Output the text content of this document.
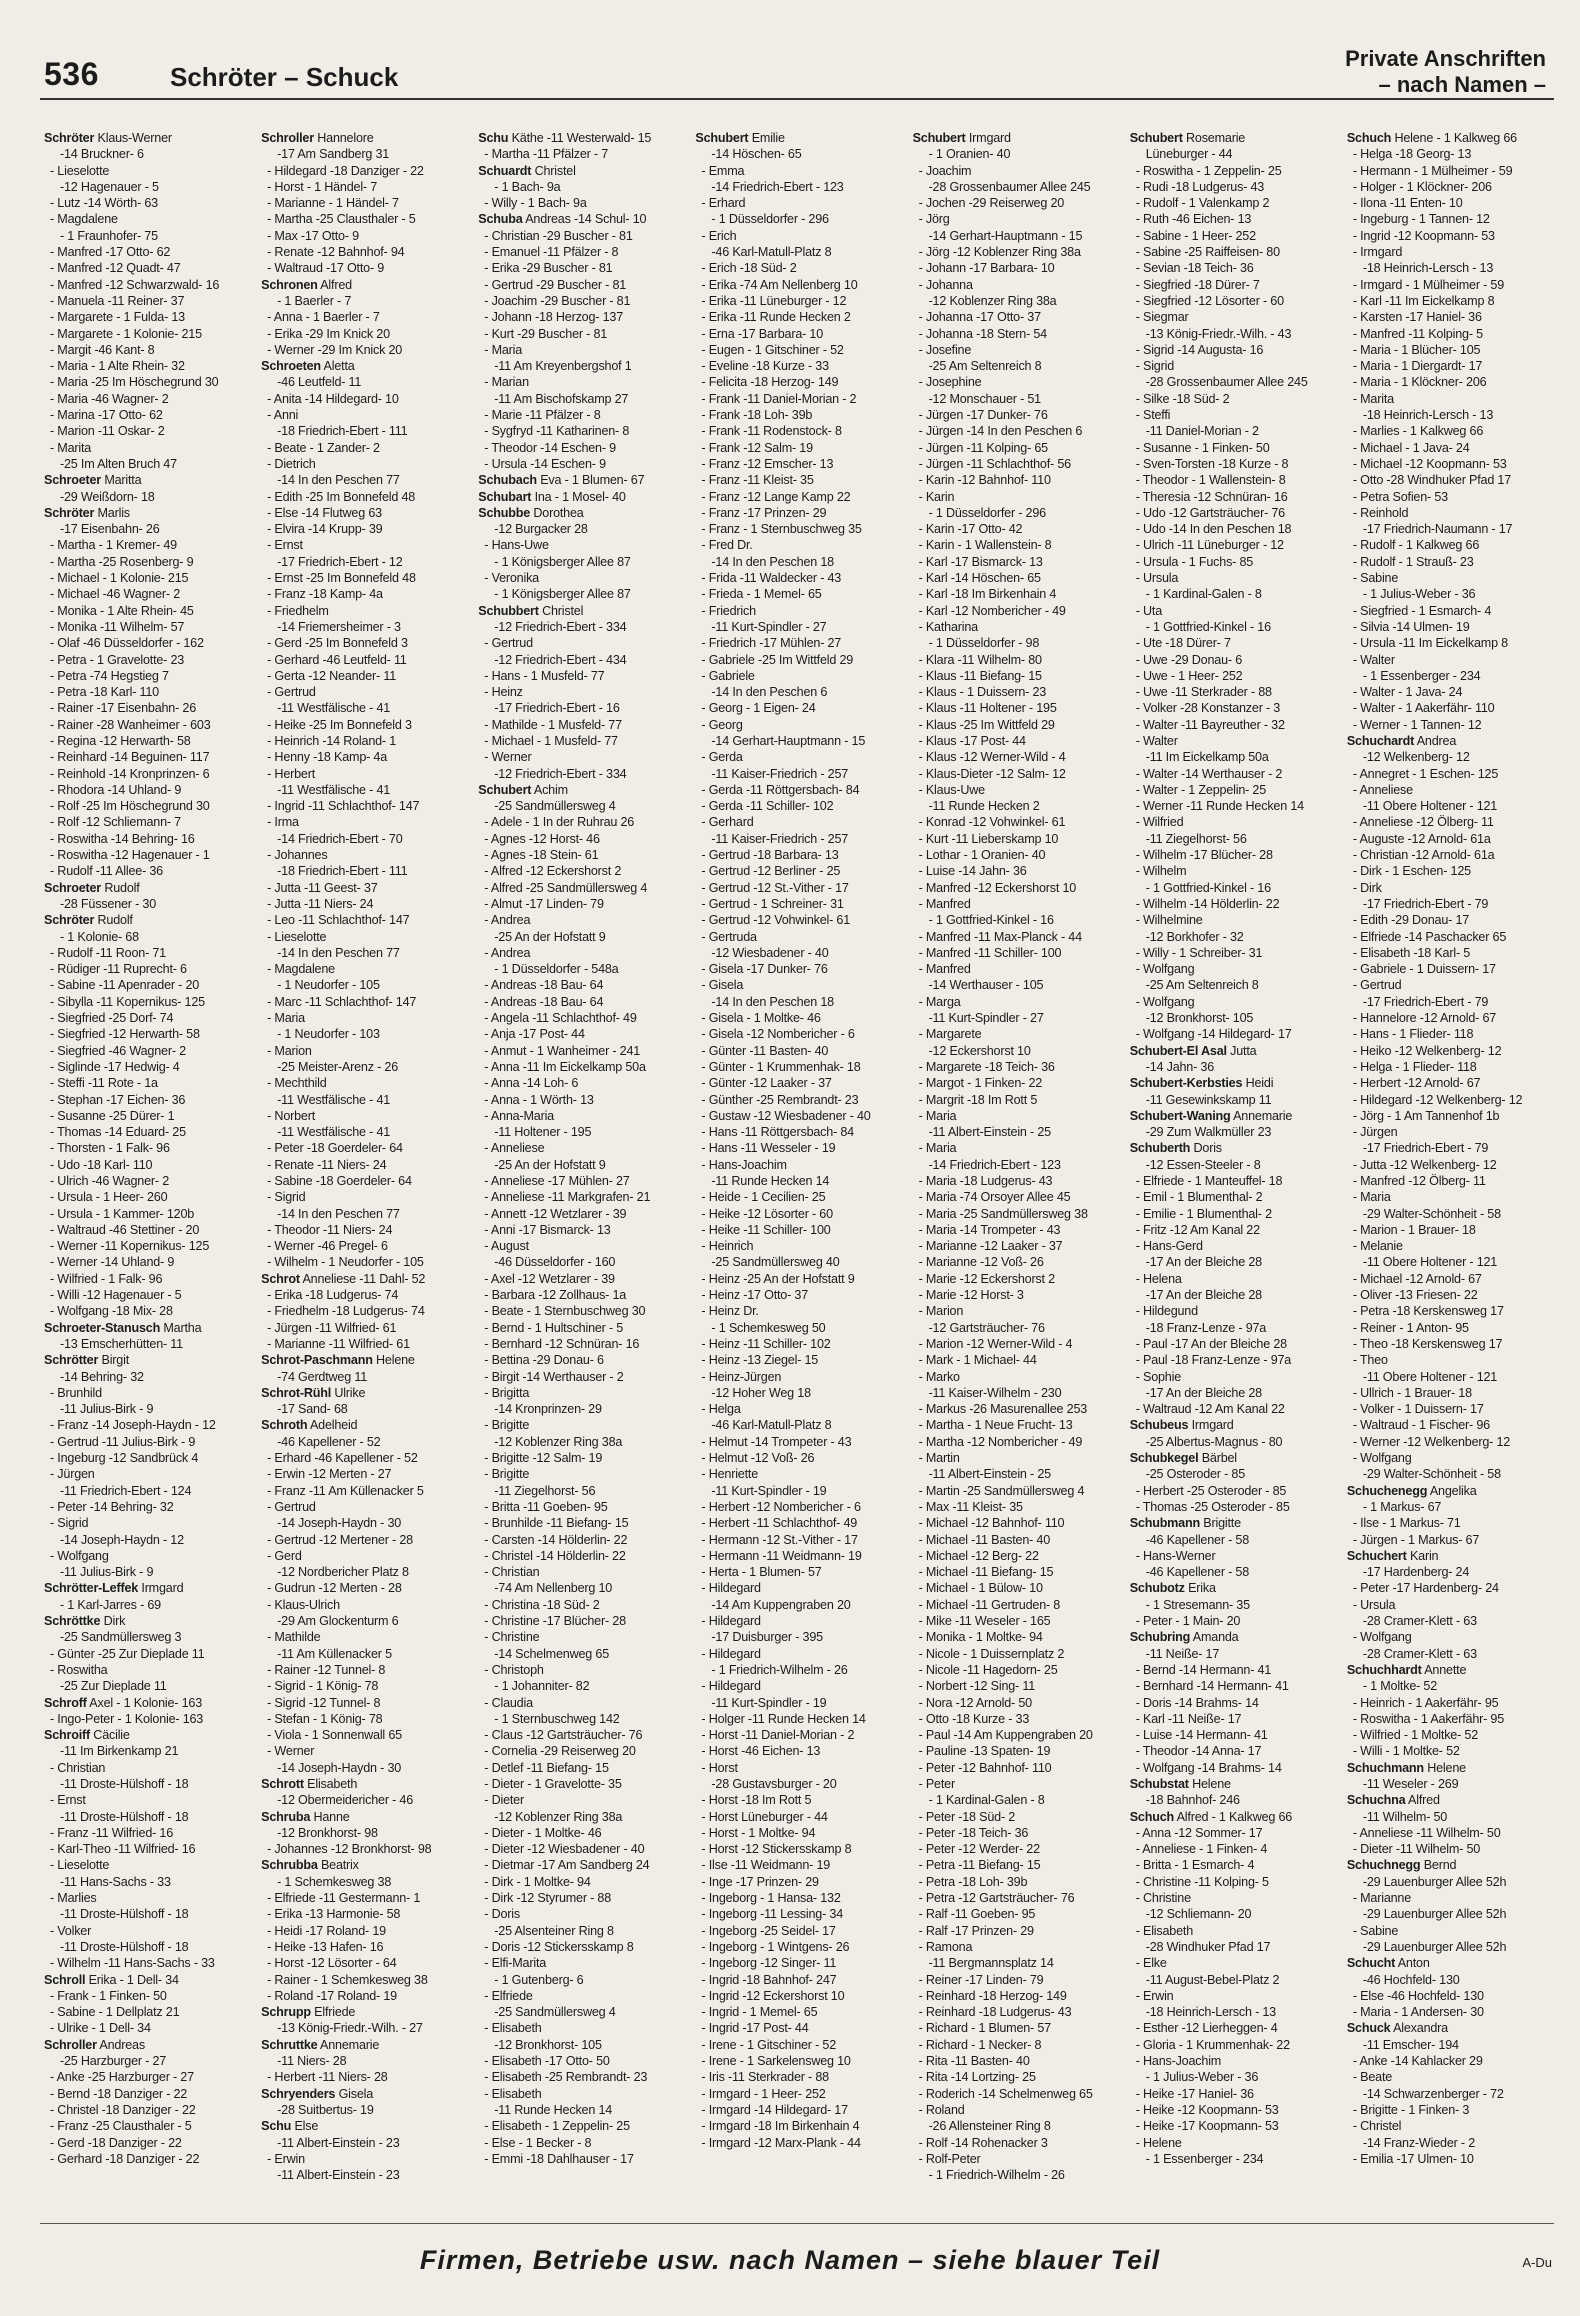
536	Schröter – Schuck
Private Anschriften
– nach Namen –
Schröter Klaus-Werner
-14 Bruckner- 6
- Lieselotte
-12 Hagenauer - 5
- Lutz -14 Wörth- 63
- Magdalene
- 1 Fraunhofer- 75
- Manfred -17 Otto- 62
- Manfred -12 Quadt- 47
- Manfred -12 Schwarzwald- 16
- Manuela -11 Reiner- 37
- Margarete - 1 Fulda- 13
- Margarete - 1 Kolonie- 215
- Margit -46 Kant- 8
- Maria - 1 Alte Rhein- 32
- Maria -25 Im Höschegrund 30
- Maria -46 Wagner- 2
- Marina -17 Otto- 62
- Marion -11 Oskar- 2
- Marita
-25 Im Alten Bruch 47
Schroeter Maritta
-29 Weißdorn- 18
Schröter Marlis
-17 Eisenbahn- 26
- Martha - 1 Kremer- 49
- Martha -25 Rosenberg- 9
- Michael - 1 Kolonie- 215
- Michael -46 Wagner- 2
- Monika - 1 Alte Rhein- 45
- Monika -11 Wilhelm- 57
- Olaf -46 Düsseldorfer - 162
- Petra - 1 Gravelotte- 23
- Petra -74 Hegstieg 7
- Petra -18 Karl- 110
- Rainer -17 Eisenbahn- 26
- Rainer -28 Wanheimer - 603
- Regina -12 Herwarth- 58
- Reinhard -14 Beguinen- 117
- Reinhold -14 Kronprinzen- 6
- Rhodora -14 Uhland- 9
- Rolf -25 Im Höschegrund 30
- Rolf -12 Schliemann- 7
- Roswitha -14 Behring- 16
- Roswitha -12 Hagenauer - 1
- Rudolf -11 Allee- 36
Schroeter Rudolf
-28 Füssener - 30
Schröter Rudolf
- 1 Kolonie- 68
- Rudolf -11 Roon- 71
- Rüdiger -11 Ruprecht- 6
- Sabine -11 Apenrader - 20
- Sibylla -11 Kopernikus- 125
- Siegfried -25 Dorf- 74
- Siegfried -12 Herwarth- 58
- Siegfried -46 Wagner- 2
- Siglinde -17 Hedwig- 4
- Steffi -11 Rote - 1a
- Stephan -17 Eichen- 36
- Susanne -25 Dürer- 1
- Thomas -14 Eduard- 25
- Thorsten - 1 Falk- 96
- Udo -18 Karl- 110
- Ulrich -46 Wagner- 2
- Ursula - 1 Heer- 260
- Ursula - 1 Kammer- 120b
- Waltraud -46 Stettiner - 20
- Werner -11 Kopernikus- 125
- Werner -14 Uhland- 9
- Wilfried - 1 Falk- 96
- Willi -12 Hagenauer - 5
- Wolfgang -18 Mix- 28
Schroeter-Stanusch Martha
-13 Emscherhütten- 11
Schrötter Birgit
-14 Behring- 32
- Brunhild
-11 Julius-Birk - 9
- Franz -14 Joseph-Haydn - 12
- Gertrud -11 Julius-Birk - 9
- Ingeburg -12 Sandbrück 4
- Jürgen
-11 Friedrich-Ebert - 124
- Peter -14 Behring- 32
- Sigrid
-14 Joseph-Haydn - 12
- Wolfgang
-11 Julius-Birk - 9
Schrötter-Leffek Irmgard
- 1 Karl-Jarres - 69
Schröttke Dirk
-25 Sandmüllersweg 3
- Günter -25 Zur Dieplade 11
- Roswitha
-25 Zur Dieplade 11
Schroff Axel - 1 Kolonie- 163
- Ingo-Peter - 1 Kolonie- 163
Schroiff Cäcilie
-11 Im Birkenkamp 21
- Christian
-11 Droste-Hülshoff - 18
- Ernst
-11 Droste-Hülshoff - 18
- Franz -11 Wilfried- 16
- Karl-Theo -11 Wilfried- 16
- Lieselotte
-11 Hans-Sachs - 33
- Marlies
-11 Droste-Hülshoff - 18
- Volker
-11 Droste-Hülshoff - 18
- Wilhelm -11 Hans-Sachs - 33
Schroll Erika - 1 Dell- 34
- Frank - 1 Finken- 50
- Sabine - 1 Dellplatz 21
- Ulrike - 1 Dell- 34
Schroller Andreas
-25 Harzburger - 27
- Anke -25 Harzburger - 27
- Bernd -18 Danziger - 22
- Christel -18 Danziger - 22
- Franz -25 Clausthaler - 5
- Gerd -18 Danziger - 22
- Gerhard -18 Danziger - 22
Schroller Hannelore
-17 Am Sandberg 31
- Hildegard -18 Danziger - 22
- Horst - 1 Händel- 7
- Marianne - 1 Händel- 7
- Martha -25 Clausthaler - 5
- Max -17 Otto- 9
- Renate -12 Bahnhof- 94
- Waltraud -17 Otto- 9
Schronen Alfred
- 1 Baerler - 7
- Anna - 1 Baerler - 7
- Erika -29 Im Knick 20
- Werner -29 Im Knick 20
Schroeten Aletta
-46 Leutfeld- 11
- Anita -14 Hildegard- 10
- Anni
-18 Friedrich-Ebert - 111
- Beate - 1 Zander- 2
- Dietrich
-14 In den Peschen 77
- Edith -25 Im Bonnefeld 48
- Else -14 Flutweg 63
- Elvira -14 Krupp- 39
- Ernst
-17 Friedrich-Ebert - 12
- Ernst -25 Im Bonnefeld 48
- Franz -18 Kamp- 4a
- Friedhelm
-14 Friemersheimer - 3
- Gerd -25 Im Bonnefeld 3
- Gerhard -46 Leutfeld- 11
- Gerta -12 Neander- 11
- Gertrud
-11 Westfälische - 41
- Heike -25 Im Bonnefeld 3
- Heinrich -14 Roland- 1
- Henny -18 Kamp- 4a
- Herbert
-11 Westfälische - 41
- Ingrid -11 Schlachthof- 147
- Irma
-14 Friedrich-Ebert - 70
- Johannes
-18 Friedrich-Ebert - 111
- Jutta -11 Geest- 37
- Jutta -11 Niers- 24
- Leo -11 Schlachthof- 147
- Lieselotte
-14 In den Peschen 77
- Magdalene
- 1 Neudorfer - 105
- Marc -11 Schlachthof- 147
- Maria
- 1 Neudorfer - 103
- Marion
-25 Meister-Arenz - 26
- Mechthild
-11 Westfälische - 41
- Norbert
-11 Westfälische - 41
- Peter -18 Goerdeler- 64
- Renate -11 Niers- 24
- Sabine -18 Goerdeler- 64
- Sigrid
-14 In den Peschen 77
- Theodor -11 Niers- 24
- Werner -46 Pregel- 6
- Wilhelm - 1 Neudorfer - 105
Schrot Anneliese -11 Dahl- 52
- Erika -18 Ludgerus- 74
- Friedhelm -18 Ludgerus- 74
- Jürgen -11 Wilfried- 61
- Marianne -11 Wilfried- 61
Schrot-Paschmann Helene
-74 Gerdtweg 11
Schrot-Rühl Ulrike
-17 Sand- 68
Schroth Adelheid
-46 Kapellener - 52
- Erhard -46 Kapellener - 52
- Erwin -12 Merten - 27
- Franz -11 Am Küllenacker 5
- Gertrud
-14 Joseph-Haydn - 30
- Gertrud -12 Mertener - 28
- Gerd
-12 Nordbericher Platz 8
- Gudrun -12 Merten - 28
- Klaus-Ulrich
-29 Am Glockenturm 6
- Mathilde
-11 Am Küllenacker 5
- Rainer -12 Tunnel- 8
- Sigrid - 1 König- 78
- Sigrid -12 Tunnel- 8
- Stefan - 1 König- 78
- Viola - 1 Sonnenwall 65
- Werner
-14 Joseph-Haydn - 30
Schrott Elisabeth
-12 Obermeidericher - 46
Schruba Hanne
-12 Bronkhorst- 98
- Johannes -12 Bronkhorst- 98
Schrubba Beatrix
- 1 Schemkesweg 38
- Elfriede -11 Gestermann- 1
- Erika -13 Harmonie- 58
- Heidi -17 Roland- 19
- Heike -13 Hafen- 16
- Horst -12 Lösorter - 64
- Rainer - 1 Schemkesweg 38
- Roland -17 Roland- 19
Schrupp Elfriede
-13 König-Friedr.-Wilh. - 27
Schruttke Annemarie
-11 Niers- 28
- Herbert -11 Niers- 28
Schryenders Gisela
-28 Suitbertus- 19
Schu Else
-11 Albert-Einstein - 23
- Erwin
-11 Albert-Einstein - 23
Schu Käthe -11 Westerwald- 15
- Martha -11 Pfälzer - 7
Schuardt Christel
- 1 Bach- 9a
- Willy - 1 Bach- 9a
Schuba Andreas -14 Schul- 10
- Christian -29 Buscher - 81
- Emanuel -11 Pfälzer - 8
- Erika -29 Buscher - 81
- Gertrud -29 Buscher - 81
- Joachim -29 Buscher - 81
- Johann -18 Herzog- 137
- Kurt -29 Buscher - 81
- Maria
-11 Am Kreyenbergshof 1
- Marian
-11 Am Bischofskamp 27
- Marie -11 Pfälzer - 8
- Sygfryd -11 Katharinen- 8
- Theodor -14 Eschen- 9
- Ursula -14 Eschen- 9
Schubach Eva - 1 Blumen- 67
Schubart Ina - 1 Mosel- 40
Schubbe Dorothea
-12 Burgacker 28
- Hans-Uwe
- 1 Königsberger Allee 87
- Veronika
- 1 Königsberger Allee 87
Schubbert Christel
-12 Friedrich-Ebert - 334
- Gertrud
-12 Friedrich-Ebert - 434
- Hans - 1 Musfeld- 77
- Heinz
-17 Friedrich-Ebert - 16
- Mathilde - 1 Musfeld- 77
- Michael - 1 Musfeld- 77
- Werner
-12 Friedrich-Ebert - 334
Schubert Achim
-25 Sandmüllersweg 4
- Adele - 1 In der Ruhrau 26
- Agnes -12 Horst- 46
- Agnes -18 Stein- 61
- Alfred -12 Eckershorst 2
- Alfred -25 Sandmüllersweg 4
- Almut -17 Linden- 79
- Andrea
-25 An der Hofstatt 9
- Andrea
- 1 Düsseldorfer - 548a
- Andreas -18 Bau- 64
- Andreas -18 Bau- 64
- Angela -11 Schlachthof- 49
- Anja -17 Post- 44
- Anmut - 1 Wanheimer - 241
- Anna -11 Im Eickelkamp 50a
- Anna -14 Loh- 6
- Anna - 1 Wörth- 13
- Anna-Maria
-11 Holtener - 195
- Anneliese
-25 An der Hofstatt 9
- Anneliese -17 Mühlen- 27
- Anneliese -11 Markgrafen- 21
- Annett -12 Wetzlarer - 39
- Anni -17 Bismarck- 13
- August
-46 Düsseldorfer - 160
- Axel -12 Wetzlarer - 39
- Barbara -12 Zollhaus- 1a
- Beate - 1 Sternbuschweg 30
- Bernd - 1 Hultschiner - 5
- Bernhard -12 Schnüran- 16
- Bettina -29 Donau- 6
- Birgit -14 Werthauser - 2
- Brigitta
-14 Kronprinzen- 29
- Brigitte
-12 Koblenzer Ring 38a
- Brigitte -12 Salm- 19
- Brigitte
-11 Ziegelhorst- 56
- Britta -11 Goeben- 95
- Brunhilde -11 Biefang- 15
- Carsten -14 Hölderlin- 22
- Christel -14 Hölderlin- 22
- Christian
-74 Am Nellenberg 10
- Christina -18 Süd- 2
- Christine -17 Blücher- 28
- Christine
-14 Schelmenweg 65
- Christoph
- 1 Johanniter- 82
- Claudia
- 1 Sternbuschweg 142
- Claus -12 Gartsträucher- 76
- Cornelia -29 Reiserweg 20
- Detlef -11 Biefang- 15
- Dieter - 1 Gravelotte- 35
- Dieter
-12 Koblenzer Ring 38a
- Dieter - 1 Moltke- 46
- Dieter -12 Wiesbadener - 40
- Dietmar -17 Am Sandberg 24
- Dirk - 1 Moltke- 94
- Dirk -12 Styrumer - 88
- Doris
-25 Alsenteiner Ring 8
- Doris -12 Stickersskamp 8
- Elfi-Marita
- 1 Gutenberg- 6
- Elfriede
-25 Sandmüllersweg 4
- Elisabeth
-12 Bronkhorst- 105
- Elisabeth -17 Otto- 50
- Elisabeth -25 Rembrandt- 23
- Elisabeth
-11 Runde Hecken 14
- Elisabeth - 1 Zeppelin- 25
- Else - 1 Becker - 8
- Emmi -18 Dahlhauser - 17
Schubert Emilie
-14 Höschen- 65
- Emma
-14 Friedrich-Ebert - 123
- Erhard
- 1 Düsseldorfer - 296
- Erich
-46 Karl-Matull-Platz 8
- Erich -18 Süd- 2
- Erika -74 Am Nellenberg 10
- Erika -11 Lüneburger - 12
- Erika -11 Runde Hecken 2
- Erna -17 Barbara- 10
- Eugen - 1 Gitschiner - 52
- Eveline -18 Kurze - 33
- Felicita -18 Herzog- 149
- Frank -11 Daniel-Morian - 2
- Frank -18 Loh- 39b
- Frank -11 Rodenstock- 8
- Frank -12 Salm- 19
- Franz -12 Emscher- 13
- Franz -11 Kleist- 35
- Franz -12 Lange Kamp 22
- Franz -17 Prinzen- 29
- Franz - 1 Sternbuschweg 35
- Fred Dr.
-14 In den Peschen 18
- Frida -11 Waldecker - 43
- Frieda - 1 Memel- 65
- Friedrich
-11 Kurt-Spindler - 27
- Friedrich -17 Mühlen- 27
- Gabriele -25 Im Wittfeld 29
- Gabriele
-14 In den Peschen 6
- Georg - 1 Eigen- 24
- Georg
-14 Gerhart-Hauptmann - 15
- Gerda
-11 Kaiser-Friedrich - 257
- Gerda -11 Röttgersbach- 84
- Gerda -11 Schiller- 102
- Gerhard
-11 Kaiser-Friedrich - 257
- Gertrud -18 Barbara- 13
- Gertrud -12 Berliner - 25
- Gertrud -12 St.-Vither - 17
- Gertrud - 1 Schreiner- 31
- Gertrud -12 Vohwinkel- 61
- Gertruda
-12 Wiesbadener - 40
- Gisela -17 Dunker- 76
- Gisela
-14 In den Peschen 18
- Gisela - 1 Moltke- 46
- Gisela -12 Nombericher - 6
- Günter -11 Basten- 40
- Günter - 1 Krummenhak- 18
- Günter -12 Laaker - 37
- Günther -25 Rembrandt- 23
- Gustaw -12 Wiesbadener - 40
- Hans -11 Röttgersbach- 84
- Hans -11 Wesseler - 19
- Hans-Joachim
-11 Runde Hecken 14
- Heide - 1 Cecilien- 25
- Heike -12 Lösorter - 60
- Heike -11 Schiller- 100
- Heinrich
-25 Sandmüllersweg 40
- Heinz -25 An der Hofstatt 9
- Heinz -17 Otto- 37
- Heinz Dr.
- 1 Schemkesweg 50
- Heinz -11 Schiller- 102
- Heinz -13 Ziegel- 15
- Heinz-Jürgen
-12 Hoher Weg 18
- Helga
-46 Karl-Matull-Platz 8
- Helmut -14 Trompeter - 43
- Helmut -12 Voß- 26
- Henriette
-11 Kurt-Spindler - 19
- Herbert -12 Nombericher - 6
- Herbert -11 Schlachthof- 49
- Hermann -12 St.-Vither - 17
- Hermann -11 Weidmann- 19
- Herta - 1 Blumen- 57
- Hildegard
-14 Am Kuppengraben 20
- Hildegard
-17 Duisburger - 395
- Hildegard
- 1 Friedrich-Wilhelm - 26
- Hildegard
-11 Kurt-Spindler - 19
- Holger -11 Runde Hecken 14
- Horst -11 Daniel-Morian - 2
- Horst -46 Eichen- 13
- Horst
-28 Gustavsburger - 20
- Horst -18 Im Rott 5
- Horst Lüneburger - 44
- Horst - 1 Moltke- 94
- Horst -12 Stickersskamp 8
- Ilse -11 Weidmann- 19
- Inge -17 Prinzen- 29
- Ingeborg - 1 Hansa- 132
- Ingeborg -11 Lessing- 34
- Ingeborg -25 Seidel- 17
- Ingeborg - 1 Wintgens- 26
- Ingeborg -12 Singer- 11
- Ingrid -18 Bahnhof- 247
- Ingrid -12 Eckershorst 10
- Ingrid - 1 Memel- 65
- Ingrid -17 Post- 44
- Irene - 1 Gitschiner - 52
- Irene - 1 Sarkelensweg 10
- Iris -11 Sterkrader - 88
- Irmgard - 1 Heer- 252
- Irmgard -14 Hildegard- 17
- Irmgard -18 Im Birkenhain 4
- Irmgard -12 Marx-Plank - 44
Schubert Irmgard
- 1 Oranien- 40
- Joachim
-28 Grossenbaumer Allee 245
- Jochen -29 Reiserweg 20
- Jörg
-14 Gerhart-Hauptmann - 15
- Jörg -12 Koblenzer Ring 38a
- Johann -17 Barbara- 10
- Johanna
-12 Koblenzer Ring 38a
- Johanna -17 Otto- 37
- Johanna -18 Stern- 54
- Josefine
-25 Am Seltenreich 8
- Josephine
-12 Monschauer - 51
- Jürgen -17 Dunker- 76
- Jürgen -14 In den Peschen 6
- Jürgen -11 Kolping- 65
- Jürgen -11 Schlachthof- 56
- Karin -12 Bahnhof- 110
- Karin
- 1 Düsseldorfer - 296
- Karin -17 Otto- 42
- Karin - 1 Wallenstein- 8
- Karl -17 Bismarck- 13
- Karl -14 Höschen- 65
- Karl -18 Im Birkenhain 4
- Karl -12 Nombericher - 49
- Katharina
- 1 Düsseldorfer - 98
- Klara -11 Wilhelm- 80
- Klaus -11 Biefang- 15
- Klaus - 1 Duissern- 23
- Klaus -11 Holtener - 195
- Klaus -25 Im Wittfeld 29
- Klaus -17 Post- 44
- Klaus -12 Werner-Wild - 4
- Klaus-Dieter -12 Salm- 12
- Klaus-Uwe
-11 Runde Hecken 2
- Konrad -12 Vohwinkel- 61
- Kurt -11 Lieberskamp 10
- Lothar - 1 Oranien- 40
- Luise -14 Jahn- 36
- Manfred -12 Eckershorst 10
- Manfred
- 1 Gottfried-Kinkel - 16
- Manfred -11 Max-Planck - 44
- Manfred -11 Schiller- 100
- Manfred
-14 Werthauser - 105
- Marga
-11 Kurt-Spindler - 27
- Margarete
-12 Eckershorst 10
- Margarete -18 Teich- 36
- Margot - 1 Finken- 22
- Margrit -18 Im Rott 5
- Maria
-11 Albert-Einstein - 25
- Maria
-14 Friedrich-Ebert - 123
- Maria -18 Ludgerus- 43
- Maria -74 Orsoyer Allee 45
- Maria -25 Sandmüllersweg 38
- Maria -14 Trompeter - 43
- Marianne -12 Laaker - 37
- Marianne -12 Voß- 26
- Marie -12 Eckershorst 2
- Marie -12 Horst- 3
- Marion
-12 Gartsträucher- 76
- Marion -12 Werner-Wild - 4
- Mark - 1 Michael- 44
- Marko
-11 Kaiser-Wilhelm - 230
- Markus -26 Masurenallee 253
- Martha - 1 Neue Frucht- 13
- Martha -12 Nombericher - 49
- Martin
-11 Albert-Einstein - 25
- Martin -25 Sandmüllersweg 4
- Max -11 Kleist- 35
- Michael -12 Bahnhof- 110
- Michael -11 Basten- 40
- Michael -12 Berg- 22
- Michael -11 Biefang- 15
- Michael - 1 Bülow- 10
- Michael -11 Gertruden- 8
- Mike -11 Weseler - 165
- Monika - 1 Moltke- 94
- Nicole - 1 Duissernplatz 2
- Nicole -11 Hagedorn- 25
- Norbert -12 Sing- 11
- Nora -12 Arnold- 50
- Otto -18 Kurze - 33
- Paul -14 Am Kuppengraben 20
- Pauline -13 Spaten- 19
- Peter -12 Bahnhof- 110
- Peter
- 1 Kardinal-Galen - 8
- Peter -18 Süd- 2
- Peter -18 Teich- 36
- Peter -12 Werder- 22
- Petra -11 Biefang- 15
- Petra -18 Loh- 39b
- Petra -12 Gartsträucher- 76
- Ralf -11 Goeben- 95
- Ralf -17 Prinzen- 29
- Ramona
-11 Bergmannsplatz 14
- Reiner -17 Linden- 79
- Reinhard -18 Herzog- 149
- Reinhard -18 Ludgerus- 43
- Richard - 1 Blumen- 57
- Richard - 1 Necker- 8
- Rita -11 Basten- 40
- Rita -14 Lortzing- 25
- Roderich -14 Schelmenweg 65
- Roland
-26 Allensteiner Ring 8
- Rolf -14 Rohenacker 3
- Rolf-Peter
- 1 Friedrich-Wilhelm - 26
Schubert Rosemarie
Lüneburger - 44
- Roswitha - 1 Zeppelin- 25
- Rudi -18 Ludgerus- 43
- Rudolf - 1 Valenkamp 2
- Ruth -46 Eichen- 13
- Sabine - 1 Heer- 252
- Sabine -25 Raiffeisen- 80
- Sevian -18 Teich- 36
- Siegfried -18 Dürer- 7
- Siegfried -12 Lösorter - 60
- Siegmar
-13 König-Friedr.-Wilh. - 43
- Sigrid -14 Augusta- 16
- Sigrid
-28 Grossenbaumer Allee 245
- Silke -18 Süd- 2
- Steffi
-11 Daniel-Morian - 2
- Susanne - 1 Finken- 50
- Sven-Torsten -18 Kurze - 8
- Theodor - 1 Wallenstein- 8
- Theresia -12 Schnüran- 16
- Udo -12 Gartsträucher- 76
- Udo -14 In den Peschen 18
- Ulrich -11 Lüneburger - 12
- Ursula - 1 Fuchs- 85
- Ursula
- 1 Kardinal-Galen - 8
- Uta
- 1 Gottfried-Kinkel - 16
- Ute -18 Dürer- 7
- Uwe -29 Donau- 6
- Uwe - 1 Heer- 252
- Uwe -11 Sterkrader - 88
- Volker -28 Konstanzer - 3
- Walter -11 Bayreuther - 32
- Walter
-11 Im Eickelkamp 50a
- Walter -14 Werthauser - 2
- Walter - 1 Zeppelin- 25
- Werner -11 Runde Hecken 14
- Wilfried
-11 Ziegelhorst- 56
- Wilhelm -17 Blücher- 28
- Wilhelm
- 1 Gottfried-Kinkel - 16
- Wilhelm -14 Hölderlin- 22
- Wilhelmine
-12 Borkhofer - 32
- Willy - 1 Schreiber- 31
- Wolfgang
-25 Am Seltenreich 8
- Wolfgang
-12 Bronkhorst- 105
- Wolfgang -14 Hildegard- 17
Schubert-El Asal Jutta
-14 Jahn- 36
Schubert-Kerbsties Heidi
-11 Gesewinkskamp 11
Schubert-Waning Annemarie
-29 Zum Walkmüller 23
Schuberth Doris
-12 Essen-Steeler - 8
- Elfriede - 1 Manteuffel- 18
- Emil - 1 Blumenthal- 2
- Emilie - 1 Blumenthal- 2
- Fritz -12 Am Kanal 22
- Hans-Gerd
-17 An der Bleiche 28
- Helena
-17 An der Bleiche 28
- Hildegund
-18 Franz-Lenze - 97a
- Paul -17 An der Bleiche 28
- Paul -18 Franz-Lenze - 97a
- Sophie
-17 An der Bleiche 28
- Waltraud -12 Am Kanal 22
Schubeus Irmgard
-25 Albertus-Magnus - 80
Schubkegel Bärbel
-25 Osteroder - 85
- Herbert -25 Osteroder - 85
- Thomas -25 Osteroder - 85
Schubmann Brigitte
-46 Kapellener - 58
- Hans-Werner
-46 Kapellener - 58
Schubotz Erika
- 1 Stresemann- 35
- Peter - 1 Main- 20
Schubring Amanda
-11 Neiße- 17
- Bernd -14 Hermann- 41
- Bernhard -14 Hermann- 41
- Doris -14 Brahms- 14
- Karl -11 Neiße- 17
- Luise -14 Hermann- 41
- Theodor -14 Anna- 17
- Wolfgang -14 Brahms- 14
Schubstat Helene
-18 Bahnhof- 246
Schuch Alfred - 1 Kalkweg 66
- Anna -12 Sommer- 17
- Anneliese - 1 Finken- 4
- Britta - 1 Esmarch- 4
- Christine -11 Kolping- 5
- Christine
-12 Schliemann- 20
- Elisabeth
-28 Windhuker Pfad 17
- Elke
-11 August-Bebel-Platz 2
- Erwin
-18 Heinrich-Lersch - 13
- Esther -12 Lierheggen- 4
- Gloria - 1 Krummenhak- 22
- Hans-Joachim
- 1 Julius-Weber - 36
- Heike -17 Haniel- 36
- Heike -12 Koopmann- 53
- Heike -17 Koopmann- 53
- Helene
- 1 Essenberger - 234
Schuch Helene - 1 Kalkweg 66
- Helga -18 Georg- 13
- Hermann - 1 Mülheimer - 59
- Holger - 1 Klöckner- 206
- Ilona -11 Enten- 10
- Ingeburg - 1 Tannen- 12
- Ingrid -12 Koopmann- 53
- Irmgard
-18 Heinrich-Lersch - 13
- Irmgard - 1 Mülheimer - 59
- Karl -11 Im Eickelkamp 8
- Karsten -17 Haniel- 36
- Manfred -11 Kolping- 5
- Maria - 1 Blücher- 105
- Maria - 1 Diergardt- 17
- Maria - 1 Klöckner- 206
- Marita
-18 Heinrich-Lersch - 13
- Marlies - 1 Kalkweg 66
- Michael - 1 Java- 24
- Michael -12 Koopmann- 53
- Otto -28 Windhuker Pfad 17
- Petra Sofien- 53
- Reinhold
-17 Friedrich-Naumann - 17
- Rudolf - 1 Kalkweg 66
- Rudolf - 1 Strauß- 23
- Sabine
- 1 Julius-Weber - 36
- Siegfried - 1 Esmarch- 4
- Silvia -14 Ulmen- 19
- Ursula -11 Im Eickelkamp 8
- Walter
- 1 Essenberger - 234
- Walter - 1 Java- 24
- Walter - 1 Aakerfähr- 110
- Werner - 1 Tannen- 12
Schuchardt Andrea
-12 Welkenberg- 12
- Annegret - 1 Eschen- 125
- Anneliese
-11 Obere Holtener - 121
- Anneliese -12 Ölberg- 11
- Auguste -12 Arnold- 61a
- Christian -12 Arnold- 61a
- Dirk - 1 Eschen- 125
- Dirk
-17 Friedrich-Ebert - 79
- Edith -29 Donau- 17
- Elfriede -14 Paschacker 65
- Elisabeth -18 Karl- 5
- Gabriele - 1 Duissern- 17
- Gertrud
-17 Friedrich-Ebert - 79
- Hannelore -12 Arnold- 67
- Hans - 1 Flieder- 118
- Heiko -12 Welkenberg- 12
- Helga - 1 Flieder- 118
- Herbert -12 Arnold- 67
- Hildegard -12 Welkenberg- 12
- Jörg - 1 Am Tannenhof 1b
- Jürgen
-17 Friedrich-Ebert - 79
- Jutta -12 Welkenberg- 12
- Manfred -12 Ölberg- 11
- Maria
-29 Walter-Schönheit - 58
- Marion - 1 Brauer- 18
- Melanie
-11 Obere Holtener - 121
- Michael -12 Arnold- 67
- Oliver -13 Friesen- 22
- Petra -18 Kerskensweg 17
- Reiner - 1 Anton- 95
- Theo -18 Kerskensweg 17
- Theo
-11 Obere Holtener - 121
- Ullrich - 1 Brauer- 18
- Volker - 1 Duissern- 17
- Waltraud - 1 Fischer- 96
- Werner -12 Welkenberg- 12
- Wolfgang
-29 Walter-Schönheit - 58
Schuchenegg Angelika
- 1 Markus- 67
- Ilse - 1 Markus- 71
- Jürgen - 1 Markus- 67
Schuchert Karin
-17 Hardenberg- 24
- Peter -17 Hardenberg- 24
- Ursula
-28 Cramer-Klett - 63
- Wolfgang
-28 Cramer-Klett - 63
Schuchhardt Annette
- 1 Moltke- 52
- Heinrich - 1 Aakerfähr- 95
- Roswitha - 1 Aakerfähr- 95
- Wilfried - 1 Moltke- 52
- Willi - 1 Moltke- 52
Schuchmann Helene
-11 Weseler - 269
Schuchna Alfred
-11 Wilhelm- 50
- Anneliese -11 Wilhelm- 50
- Dieter -11 Wilhelm- 50
Schuchnegg Bernd
-29 Lauenburger Allee 52h
- Marianne
-29 Lauenburger Allee 52h
- Sabine
-29 Lauenburger Allee 52h
Schucht Anton
-46 Hochfeld- 130
- Else -46 Hochfeld- 130
- Maria - 1 Andersen- 30
Schuck Alexandra
-11 Emscher- 194
- Anke -14 Kahlacker 29
- Beate
-14 Schwarzenberger - 72
- Brigitte - 1 Finken- 3
- Christel
-14 Franz-Wieder - 2
- Emilia -17 Ulmen- 10
Firmen, Betriebe usw. nach Namen – siehe blauer Teil	A-Du
